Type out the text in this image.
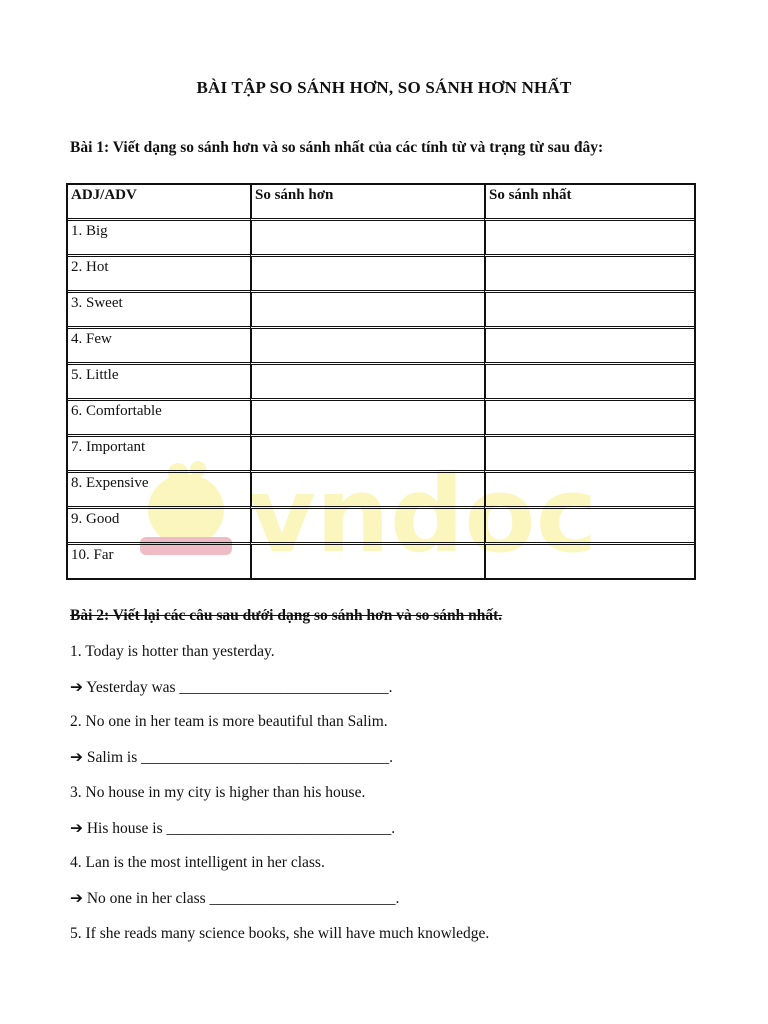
BÀI TẬP SO SÁNH HƠN, SO SÁNH HƠN NHẤT
Bài 1: Viết dạng so sánh hơn và so sánh nhất của các tính từ và trạng từ sau đây:
vndoc
ADJ/ADV	So sánh hơn	So sánh nhất
1. Big		
2. Hot		
3. Sweet		
4. Few		
5. Little		
6. Comfortable		
7. Important		
8. Expensive		
9. Good		
10. Far		
Bài 2: Viết lại các câu sau dưới dạng so sánh hơn và so sánh nhất.
1. Today is hotter than yesterday.
➔ Yesterday was ___________________________.
2. No one in her team is more beautiful than Salim.
➔ Salim is ________________________________.
3. No house in my city is higher than his house.
➔ His house is _____________________________.
4. Lan is the most intelligent in her class.
➔ No one in her class ________________________.
5. If she reads many science books, she will have much knowledge.
